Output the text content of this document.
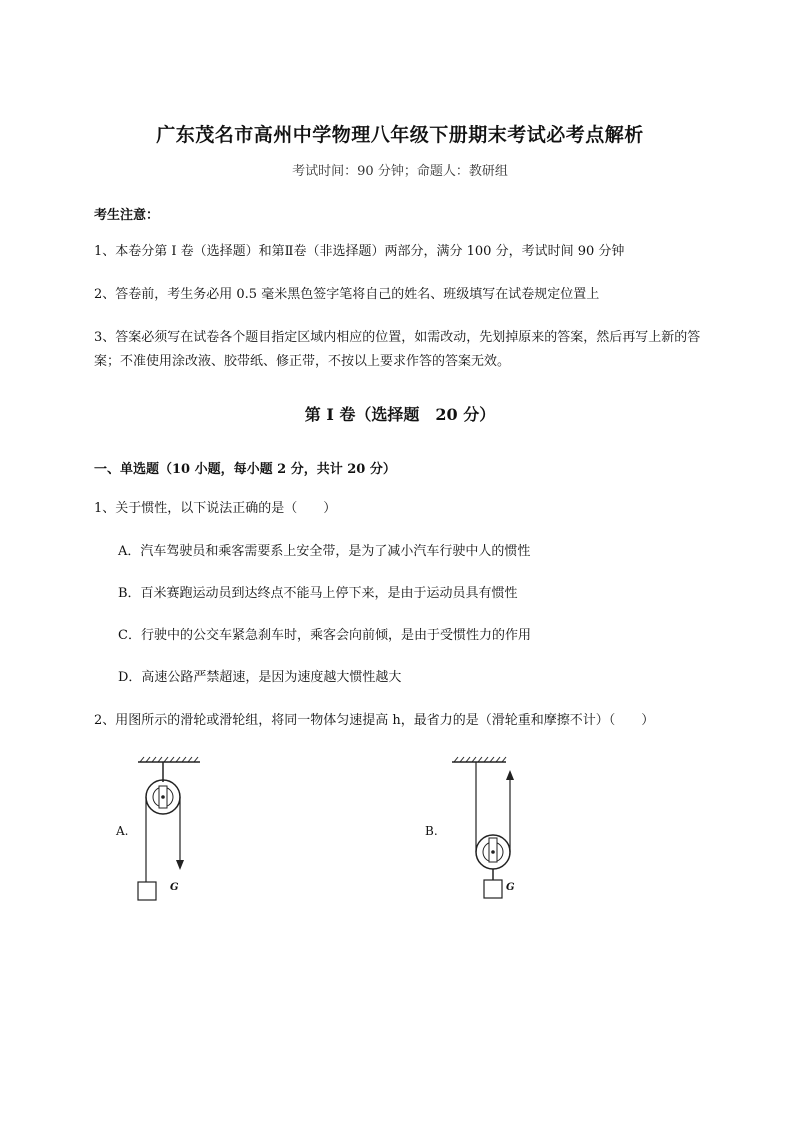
广东茂名市高州中学物理八年级下册期末考试必考点解析
考试时间：90 分钟；命题人：教研组
考生注意：
1、本卷分第 I 卷（选择题）和第Ⅱ卷（非选择题）两部分，满分 100 分，考试时间 90 分钟
2、答卷前，考生务必用 0.5 毫米黑色签字笔将自己的姓名、班级填写在试卷规定位置上
3、答案必须写在试卷各个题目指定区域内相应的位置，如需改动，先划掉原来的答案，然后再写上新的答案；不准使用涂改液、胶带纸、修正带，不按以上要求作答的答案无效。
第 I 卷（选择题　20 分）
一、单选题（10 小题，每小题 2 分，共计 20 分）
1、关于惯性，以下说法正确的是（　　）
A．汽车驾驶员和乘客需要系上安全带，是为了减小汽车行驶中人的惯性
B．百米赛跑运动员到达终点不能马上停下来，是由于运动员具有惯性
C．行驶中的公交车紧急刹车时，乘客会向前倾，是由于受惯性力的作用
D．高速公路严禁超速，是因为速度越大惯性越大
2、用图所示的滑轮或滑轮组，将同一物体匀速提高 h，最省力的是（滑轮重和摩擦不计）（　　）
A.
G
B.
G
